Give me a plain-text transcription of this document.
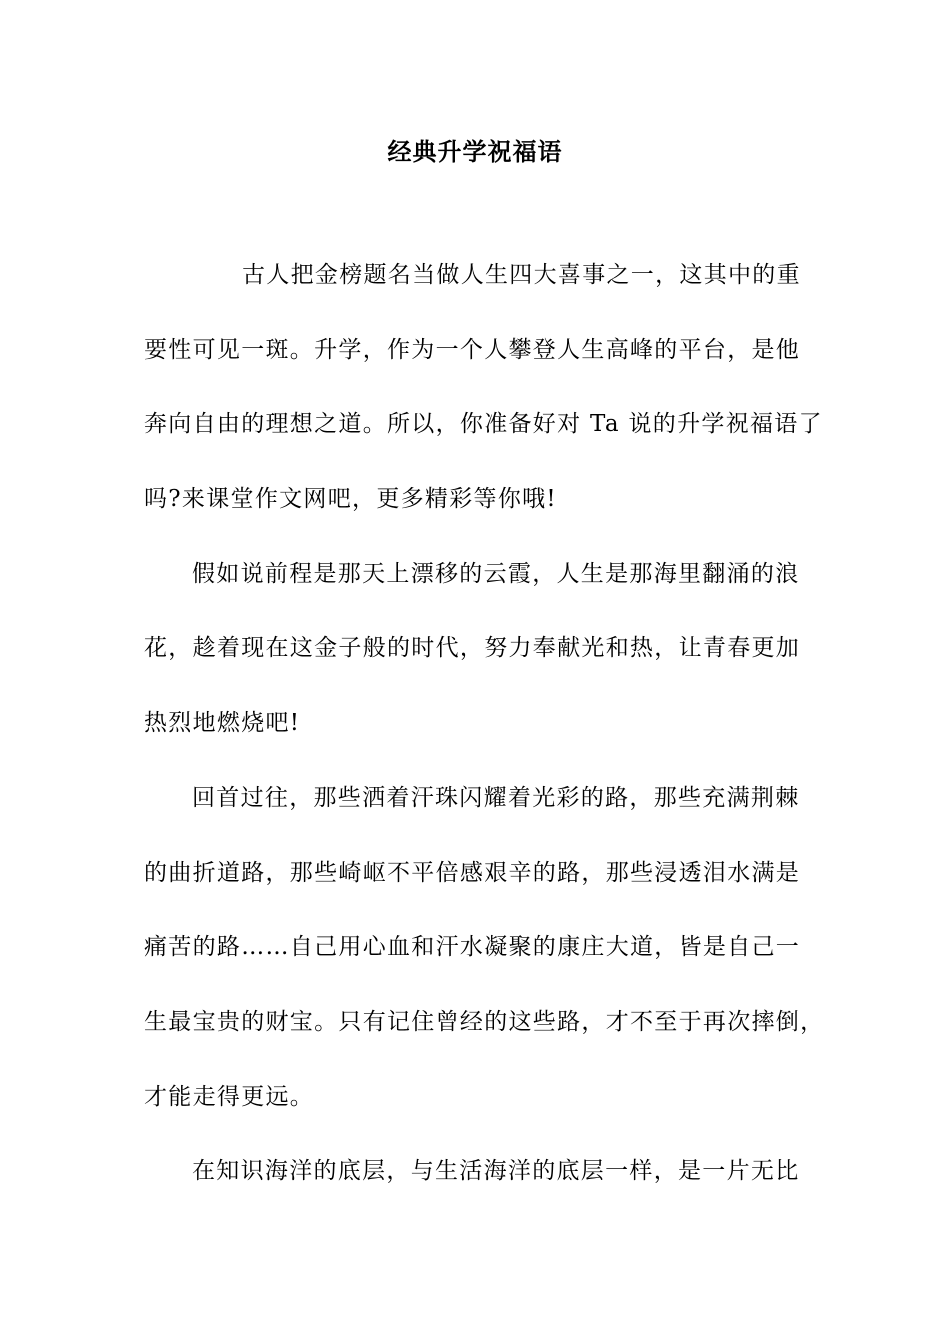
经典升学祝福语
古人把金榜题名当做人生四大喜事之一，这其中的重
要性可见一斑。升学，作为一个人攀登人生高峰的平台，是他
奔向自由的理想之道。所以，你准备好对 Ta 说的升学祝福语了
吗?来课堂作文网吧，更多精彩等你哦!
假如说前程是那天上漂移的云霞，人生是那海里翻涌的浪
花，趁着现在这金子般的时代，努力奉献光和热，让青春更加
热烈地燃烧吧!
回首过往，那些洒着汗珠闪耀着光彩的路，那些充满荆棘
的曲折道路，那些崎岖不平倍感艰辛的路，那些浸透泪水满是
痛苦的路……自己用心血和汗水凝聚的康庄大道，皆是自己一
生最宝贵的财宝。只有记住曾经的这些路，才不至于再次摔倒，
才能走得更远。
在知识海洋的底层，与生活海洋的底层一样，是一片无比
